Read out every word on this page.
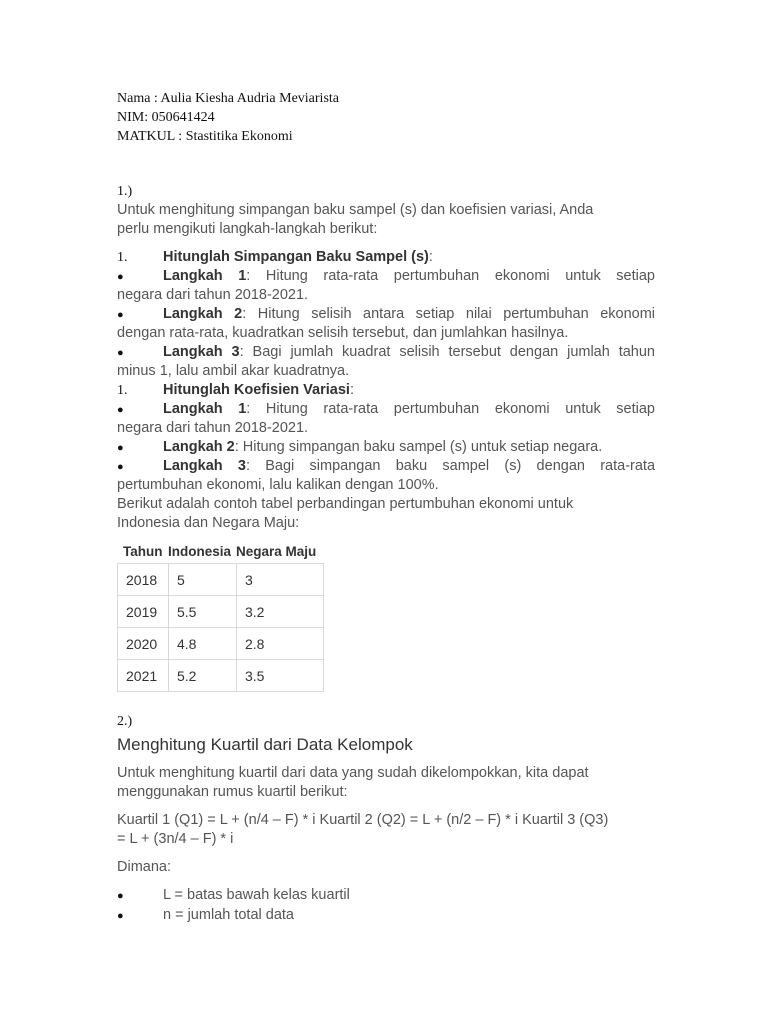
Nama : Aulia Kiesha Audria Meviarista
NIM: 050641424
MATKUL : Stastitika Ekonomi
1.)
Untuk menghitung simpangan baku sampel (s) dan koefisien variasi, Anda
perlu mengikuti langkah-langkah berikut:
1. Hitunglah Simpangan Baku Sampel (s):
●	Langkah 1: Hitung rata-rata pertumbuhan ekonomi untuk setiap
negara dari tahun 2018-2021.
●	Langkah 2: Hitung selisih antara setiap nilai pertumbuhan ekonomi
dengan rata-rata, kuadratkan selisih tersebut, dan jumlahkan hasilnya.
●	Langkah 3: Bagi jumlah kuadrat selisih tersebut dengan jumlah tahun
minus 1, lalu ambil akar kuadratnya.
1. Hitunglah Koefisien Variasi:
●	Langkah 1: Hitung rata-rata pertumbuhan ekonomi untuk setiap
negara dari tahun 2018-2021.
●	Langkah 2: Hitung simpangan baku sampel (s) untuk setiap negara.
●	Langkah 3: Bagi simpangan baku sampel (s) dengan rata-rata
pertumbuhan ekonomi, lalu kalikan dengan 100%.
Berikut adalah contoh tabel perbandingan pertumbuhan ekonomi untuk
Indonesia dan Negara Maju:
Tahun Indonesia Negara Maju
2018	5	3
2019	5.5	3.2
2020	4.8	2.8
2021	5.2	3.5
2.)
Menghitung Kuartil dari Data Kelompok
Untuk menghitung kuartil dari data yang sudah dikelompokkan, kita dapat
menggunakan rumus kuartil berikut:
Kuartil 1 (Q1) = L + (n/4 – F) * i Kuartil 2 (Q2) = L + (n/2 – F) * i Kuartil 3 (Q3)
= L + (3n/4 – F) * i
Dimana:
●	L = batas bawah kelas kuartil
●	n = jumlah total data
